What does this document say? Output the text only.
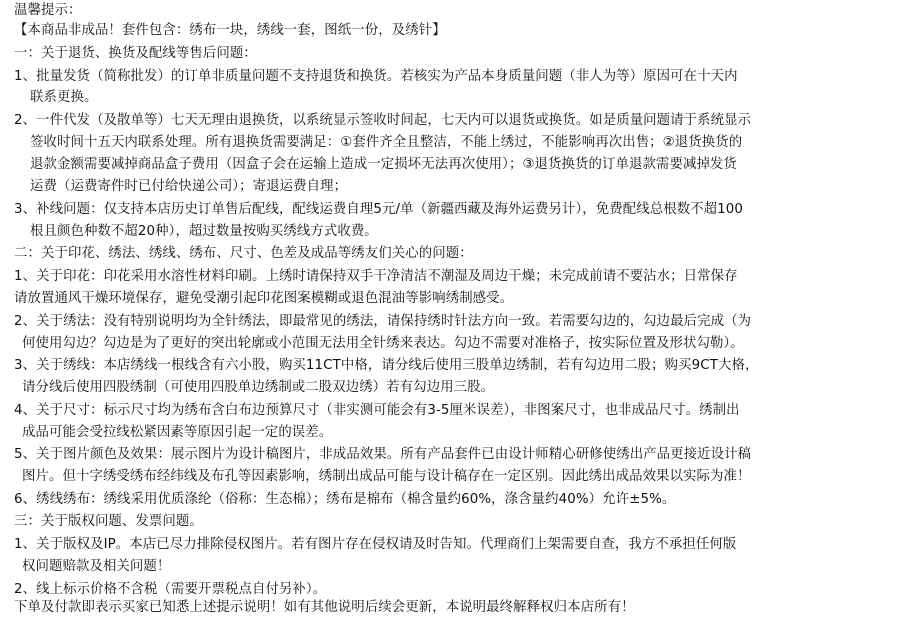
温馨提示：
【本商品非成品！套件包含：绣布一块，绣线一套，图纸一份，及绣针】
一：关于退货、换货及配线等售后问题：
1、批量发货（简称批发）的订单非质量问题不支持退货和换货。若核实为产品本身质量问题（非人为等）原因可在十天内
联系更换。
2、一件代发（及散单等）七天无理由退换货，以系统显示签收时间起，七天内可以退货或换货。如是质量问题请于系统显示
签收时间十五天内联系处理。所有退换货需要满足：①套件齐全且整洁，不能上绣过，不能影响再次出售；②退货换货的
退款金额需要减掉商品盒子费用（因盒子会在运输上造成一定损坏无法再次使用）；③退货换货的订单退款需要减掉发货
运费（运费寄件时已付给快递公司）；寄退运费自理；
3、补线问题：仅支持本店历史订单售后配线，配线运费自理5元/单（新疆西藏及海外运费另计），免费配线总根数不超100
根且颜色种数不超20种），超过数量按购买绣线方式收费。
二：关于印花、绣法、绣线、绣布、尺寸、色差及成品等绣友们关心的问题：
1、关于印花：印花采用水溶性材料印刷。上绣时请保持双手干净清洁不潮湿及周边干燥；未完成前请不要沾水；日常保存
请放置通风干燥环境保存，避免受潮引起印花图案模糊或退色混油等影响绣制感受。
2、关于绣法：没有特别说明均为全针绣法，即最常见的绣法，请保持绣时针法方向一致。若需要勾边的，勾边最后完成（为
何使用勾边？勾边是为了更好的突出轮廓或小范围无法用全针绣来表达。勾边不需要对准格子，按实际位置及形状勾勒）。
3、关于绣线：本店绣线一根线含有六小股，购买11CT中格，请分线后使用三股单边绣制，若有勾边用二股；购买9CT大格，
请分线后使用四股绣制（可使用四股单边绣制或二股双边绣）若有勾边用三股。
4、关于尺寸：标示尺寸均为绣布含白布边预算尺寸（非实测可能会有3-5厘米误差），非图案尺寸，也非成品尺寸。绣制出
成品可能会受拉线松紧因素等原因引起一定的误差。
5、关于图片颜色及效果：展示图片为设计稿图片，非成品效果。所有产品套件已由设计师精心研修使绣出产品更接近设计稿
图片。但十字绣受绣布经纬线及布孔等因素影响，绣制出成品可能与设计稿存在一定区别。因此绣出成品效果以实际为准！
6、绣线绣布：绣线采用优质涤纶（俗称：生态棉）；绣布是棉布（棉含量约60%，涤含量约40%）允许±5%。
三：关于版权问题、发票问题。
1、关于版权及IP。本店已尽力排除侵权图片。若有图片存在侵权请及时告知。代理商们上架需要自查，我方不承担任何版
权问题赔款及相关问题！
2、线上标示价格不含税（需要开票税点自付另补）。
下单及付款即表示买家已知悉上述提示说明！如有其他说明后续会更新，本说明最终解释权归本店所有！
